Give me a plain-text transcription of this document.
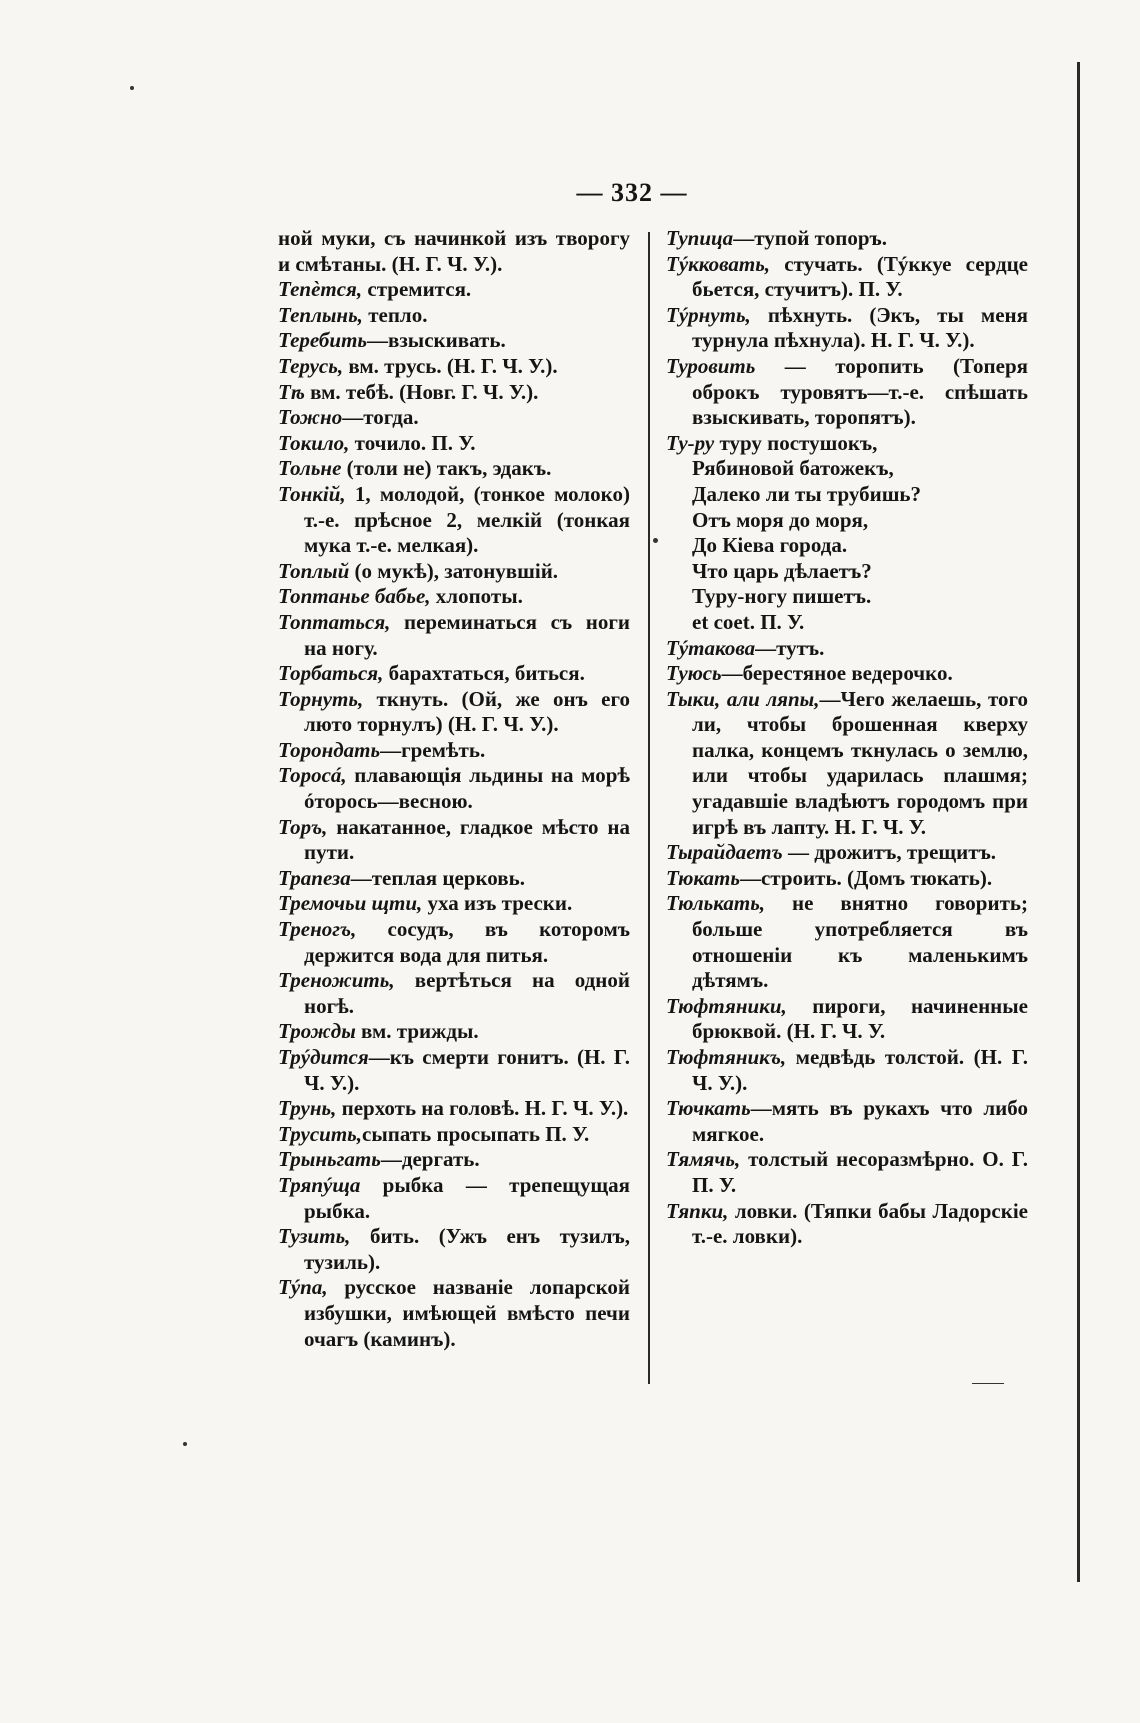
— 332 —
ной муки, съ начинкой изъ творогу и смѣтаны. (Н. Г. Ч. У.).
Тепѐтся, стремится.
Теплынь, тепло.
Теребить—взыскивать.
Терусь, вм. трусь. (Н. Г. Ч. У.).
Тѣ вм. тебѣ. (Новг. Г. Ч. У.).
Тожно—тогда.
Токило, точило. П. У.
Тольне (толи не) такъ, эдакъ.
Тонкій, 1, молодой, (тонкое молоко) т.-е. прѣсное 2, мелкій (тонкая мука т.-е. мелкая).
Топлый (о мукѣ), затонувшій.
Топтанье бабье, хлопоты.
Топтаться, переминаться съ ноги на ногу.
Торбаться, барахтаться, биться.
Торнуть, ткнуть. (Ой, же онъ его люто торнулъ) (Н. Г. Ч. У.).
Торондать—гремѣть.
Торосá, плавающія льдины на морѣ óторось—весною.
Торъ, накатанное, гладкое мѣсто на пути.
Трапеза—теплая церковь.
Тремочьи щти, уха изъ трески.
Треногъ, сосудъ, въ которомъ держится вода для питья.
Треножить, вертѣться на одной ногѣ.
Трожды вм. трижды.
Трýдится—къ смерти гонитъ. (Н. Г. Ч. У.).
Трунь, перхоть на головѣ. Н. Г. Ч. У.).
Трусить,сыпать просыпать П. У.
Трыньгать—дергать.
Тряпýща рыбка — трепещущая рыбка.
Тузить, бить. (Ужъ енъ тузилъ, тузиль).
Тýпа, русское названіе лопарской избушки, имѣющей вмѣсто печи очагъ (каминъ).
Тупица—тупой топоръ.
Тýкковать, стучать. (Тýккуе сердце бьется, стучитъ). П. У.
Тýрнуть, пѣхнуть. (Экъ, ты меня турнула пѣхнула). Н. Г. Ч. У.).
Туровить — торопить (Топеря оброкъ туровятъ—т.-е. спѣшать взыскивать, торопятъ).
Ту-ру туру постушокъ,
Рябиновой батожекъ,
Далеко ли ты трубишь?
Отъ моря до моря,
До Кіева города.
Что царь дѣлаетъ?
Туру-ногу пишетъ.
et coet. П. У.
Тýтакова—тутъ.
Туюсь—берестяное ведерочко.
Тыки, али ляпы,—Чего желаешь, того ли, чтобы брошенная кверху палка, концемъ ткнулась о землю, или чтобы ударилась плашмя; угадавшіе владѣютъ городомъ при игрѣ въ лапту. Н. Г. Ч. У.
Тырайдаетъ — дрожитъ, трещитъ.
Тюкать—строить. (Домъ тюкать).
Тюлькать, не внятно говорить; больше употребляется въ отношеніи къ маленькимъ дѣтямъ.
Тюфтяники, пироги, начиненные брюквой. (Н. Г. Ч. У.
Тюфтяникъ, медвѣдь толстой. (Н. Г. Ч. У.).
Тючкать—мять въ рукахъ что либо мягкое.
Тямячь, толстый несоразмѣрно. О. Г. П. У.
Тяпки, ловки. (Тяпки бабы Ладорскіе т.-е. ловки).
